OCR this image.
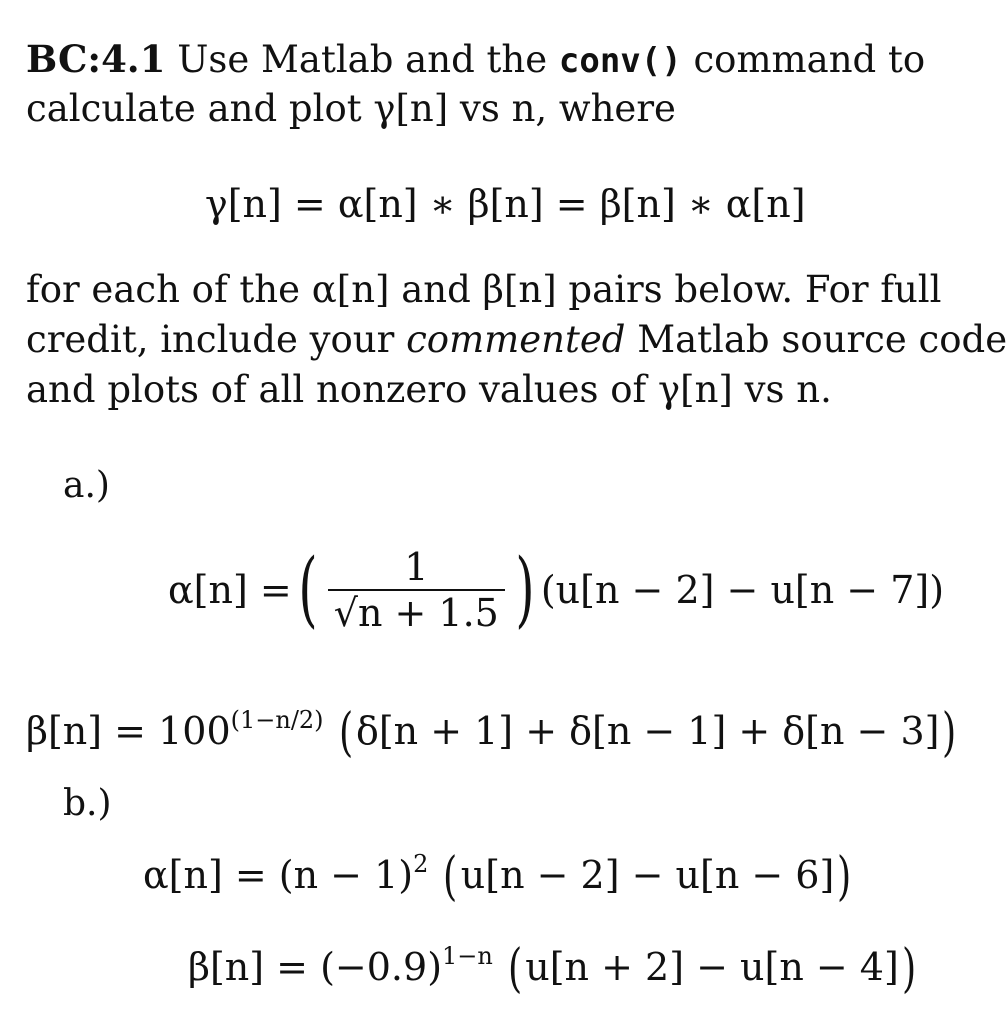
BC:4.1 Use Matlab and the conv() command to
calculate and plot γ[n] vs n, where
γ[n] = α[n] ∗ β[n] = β[n] ∗ α[n]
for each of the α[n] and β[n] pairs below. For full
credit, include your commented Matlab source code
and plots of all nonzero values of γ[n] vs n.
a.)
α[n] = ( $\frac{1}{√n + 1.5}$ ) (u[n − 2] − u[n − 7])
$\beta[n] = 100^{(1-n/2)}$ (δ[n + 1] + δ[n − 1] + δ[n − 3])
b.)
$\alpha[n] = (n - 1)^2$ (u[n − 2] − u[n − 6])
$\beta[n] = (-0.9)^{1-n}$ (u[n + 2] − u[n − 4])
